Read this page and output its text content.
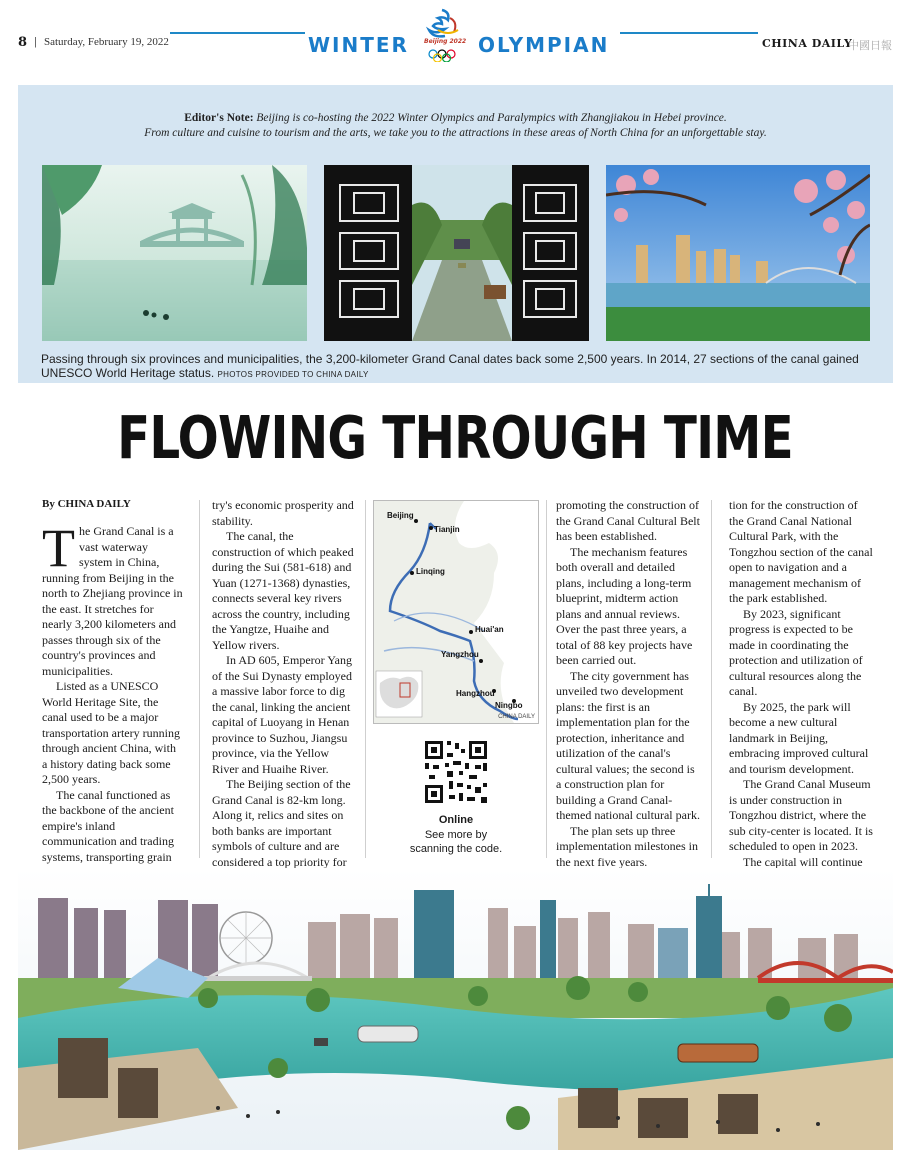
8 | Saturday, February 19, 2022	WINTER	Beijing 2022 OLYMPIAN	CHINA DAILY
中國日報
Editor's Note: Beijing is co-hosting the 2022 Winter Olympics and Paralympics with Zhangjiakou in Hebei province.
From culture and cuisine to tourism and the arts, we take you to the attractions in these areas of North China for an unforgettable stay.
Passing through six provinces and municipalities, the 3,200-kilometer Grand Canal dates back some 2,500 years. In 2014, 27 sections of the canal gained UNESCO World Heritage status. PHOTOS PROVIDED TO CHINA DAILY
FLOWING THROUGH TIME

By CHINA DAILY

The Grand Canal is a vast waterway system in China, running from Beijing in the north to Zhejiang province in the east. It stretches for nearly 3,200 kilometers and passes through six of the country's provinces and municipalities.

Listed as a UNESCO World Heritage Site, the canal used to be a major transportation artery running through ancient China, with a history dating back some 2,500 years.

The canal functioned as the backbone of the ancient empire's inland communication and trading systems, transporting grain

try's economic prosperity and stability.

The canal, the construction of which peaked during the Sui (581-618) and Yuan (1271-1368) dynasties, connects several key rivers across the country, including the Yangtze, Huaihe and Yellow rivers.

In AD 605, Emperor Yang of the Sui Dynasty employed a massive labor force to dig the canal, linking the ancient capital of Luoyang in Henan province to Suzhou, Jiangsu province, via the Yellow River and Huaihe River.

The Beijing section of the Grand Canal is 82-km long. Along it, relics and sites on both banks are important symbols of culture and are considered a top priority for

Beijing
Tianjin
Linqing
Huai'an
Yangzhou
Hangzhou
Ningbo
CHINA DAILY
Online
See more by
scanning the code.

promoting the construction of the Grand Canal Cultural Belt has been established.

The mechanism features both overall and detailed plans, including a long-term blueprint, midterm action plans and annual reviews. Over the past three years, a total of 88 key projects have been carried out.

The city government has unveiled two development plans: the first is an implementation plan for the protection, inheritance and utilization of the canal's cultural values; the second is a construction plan for building a Grand Canal-themed national cultural park.

The plan sets up three implementation milestones in the next five years.

tion for the construction of the Grand Canal National Cultural Park, with the Tongzhou section of the canal open to navigation and a management mechanism of the park established.

By 2023, significant progress is expected to be made in coordinating the protection and utilization of cultural resources along the canal.

By 2025, the park will become a new cultural landmark in Beijing, embracing improved cultural and tourism development.

The Grand Canal Museum is under construction in Tongzhou district, where the sub city-center is located. It is scheduled to open in 2023.

The capital will continue
